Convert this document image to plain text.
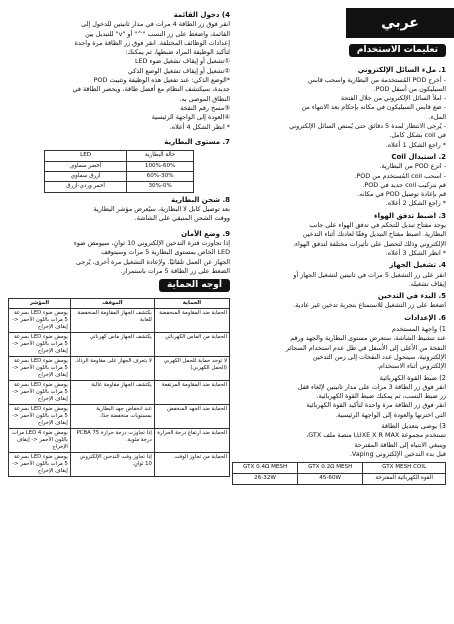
عربي
تعليمات الاستخدام
1. ملء السائل الإلكتروني

- أخرج POD المُستخدمة من البطارية واسحب قابس

السيليكون من أسفل POD.

- املأ السائل الإلكتروني من خلال الفتحة

- ضع قابس السيليكون في مكانه بإحكام بعد الانتهاء من

الملء.

- يُرجى الانتظار لمدة 5 دقائق حتى يُمتص السائل الإلكتروني

في coil بشكل كامل.

* راجع الشكل 1 أعلاه.

2. استبدال Coil

- انزع POD من البطارية.

- اسحب coil المُستخدم من POD.

قم بتركيب coil جديد في POD.

قم بإعادة توصيل POD في مكانه.

* راجع الشكل 2 أعلاه.

3. اضبط تدفق الهواء

يوجد مفتاح تبديل للتحكم في تدفق الهواء على جانب

البطارية. اضبط مفتاح التبديل وفقًا لعادتك أثناء التدخين

الإلكتروني وذلك لتحصل على تأثيرات مختلفة لتدفق الهواء.

* انظر الشكل 3 أعلاه.

4. تشغيل الجهاز

انقر على زر التشغيل 5 مرات في ثانيتين لتشغيل الجهاز أو

إيقاف تشغيله.

5. البدء في التدخين

اضغط على زر التشغيل للاستمتاع بتجربة تدخين غير عادية.

6. الإعدادات
1) واجهة المستخدم

عند تنشيط الشاشة، ستعرض مستوى البطارية والجهد ورقم

النفخة من الأعلى إلى الأسفل في ظل عدم استخدام السجائر

الإلكترونية، سيتحول عدد النفخات إلى زمن التدخين

الإلكتروني أثناء الاستخدام.

2) ضبط القوة الكهربائية

انقر فوق زر الطاقة 3 مرات على مدار ثانيتين لإلغاء قفل

زر ضبط النسب، ثم يمكنك ضبط القوة الكهربائية.

انقر فوق زر الطاقة مرة واحدة لتأكيد القوة الكهربائية

التي اخترتها والعودة إلى الواجهة الرئيسية.

3) يوصى بتعديل الطاقة

تستخدم مجموعة LUXE X R MAX منصة ملف GTX،

وينبغي الانتباه إلى الطاقة المقترحة

قبل بدء التدخين الإلكتروني Vaping.

GTX MESH COIL	GTX 0.2Ω MESH	GTX 0.4Ω MESH
القوة الكهربائية المقترحة	45-60W	26-32W
4) دخول القائمة

انقر فوق زر الطاقة 4 مرات في مدار ثانيتين للدخول إلى

القائمة، واضغط على زر النسب "^" أو "v" للتبديل بين

إعدادات الوظائف المختلفة. انقر فوق زر الطاقة مرة واحدة

لتأكيد الوظيفة المراد ضبطها، ثم يمكنك:

①تشغيل أو إيقاف تشغيل ضوء LED

②تشغيل أو إيقاف تشغيل الوضع الذكي

*الوضع الذكي: عند تفعيل هذه الوظيفة وتثبيت POD

جديدة، سيكتشف النظام مع أفضل طاقة، ويحصر الطاقة في

النطاق الموصى به.

③مسح رقم النفخة

④العودة إلى الواجهة الرئيسية

* انظر الشكل 4 أعلاه.

7. مستوى البطارية
حالة البطارية	LED
60%-100%	أخضر سماوي
30%-60%	أزرق سماوي
0%-30%	أحمر وردي-أزرق
8. شحن البطارية

بعد توصيل كابل لا البطارية، سيُعرض مؤشر البطارية

ووقت الشحن المتبقي على الشاشة.

9. وضع الأمان

إذا تجاوزت فترة التدخين الإلكتروني 10 ثوانٍ، سيومض ضوء

LED الخاص بمستوى البطارية 5 مرات وسيتوقف

الجهاز عن العمل تلقائيًا. ولإعادة التشغيل مرة أخرى، يُرجى

الضغط على زر الطاقة 5 مرات باستمرار.

أوجه الحماية
الحماية	الموقف	المؤشر
الحماية ضد المقاومة المنخفضة	يكتشف الجهاز المقاومة المنخفضة للغاية	يومض ضوء LED بسرعة 5 مرات باللون الأحمر <- إيقاف الإخراج
الحماية من الماس الكهربائي	يكتشف الجهاز ماس كهربائي	يومض ضوء LED بسرعة 5 مرات باللون الأحمر <- إيقاف الإخراج
لا توجد حماية للحمل الكهربي (الحمل الكهربي)	لا يتعرف الجهاز على مقاومة الرذاذ.	يومض ضوء LED بسرعة 5 مرات باللون الأحمر <- إيقاف الإخراج
الحماية ضد المقاومة المرتفعة	يكتشف الجهاز مقاومة عالية	يومض ضوء LED بسرعة 5 مرات باللون الأحمر <- إيقاف الإخراج
الحماية ضد الجهد المنخفض	عند انخفاض جهد البطارية بمستويات منخفضة جدًا.	يومض ضوء LED بسرعة 5 مرات باللون الأحمر <- إيقاف الإخراج
الحماية ضد ارتفاع درجة الحرارة	إذا تجاوزت درجة حرارة 75 PCBA درجة مئوية.	يومض ضوء LED 4 مرات باللون الأحمر <- إيقاف الإخراج
الحماية من تجاوز الوقت	إذا تجاوز وقت التدخين الإلكتروني 10 ثوانٍ.	يومض ضوء LED بسرعة 5 مرات باللون الأحمر <- إيقاف الإخراج
